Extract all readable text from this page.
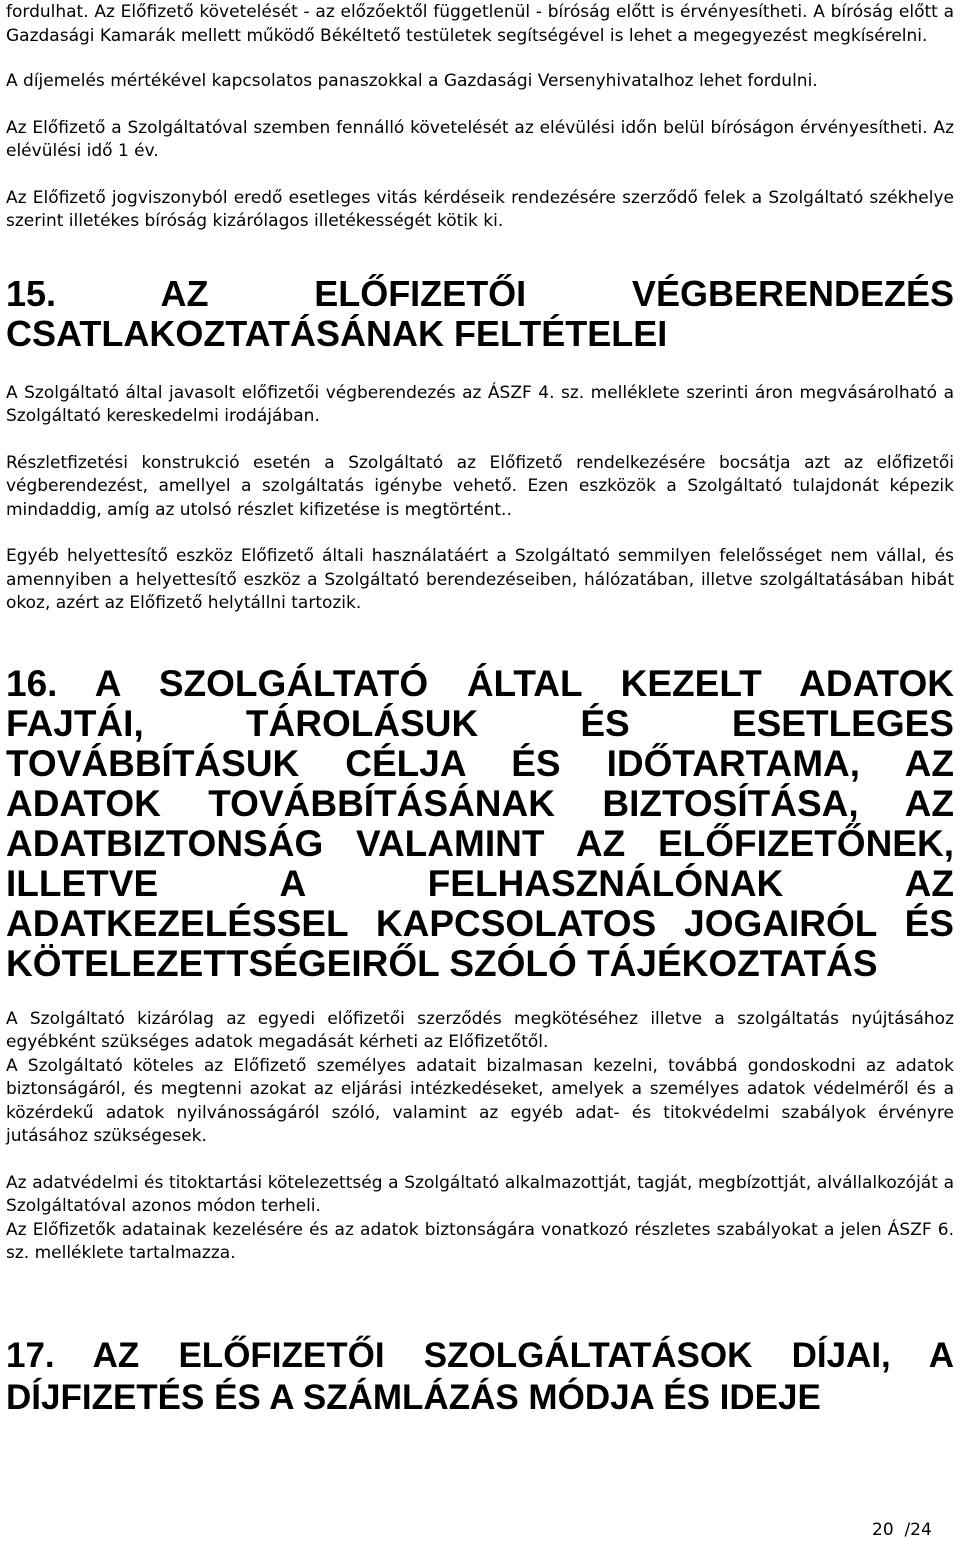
fordulhat. Az Előfizető követelését - az előzőektől függetlenül - bíróság előtt is érvényesítheti. A bíróság előtt a Gazdasági Kamarák mellett működő Békéltető testületek segítségével is lehet a megegyezést megkísérelni.

A díjemelés mértékével kapcsolatos panaszokkal a Gazdasági Versenyhivatalhoz lehet fordulni.

Az Előfizető a Szolgáltatóval szemben fennálló követelését az elévülési időn belül bíróságon érvényesítheti. Az elévülési idő 1 év.

Az Előfizető jogviszonyból eredő esetleges vitás kérdéseik rendezésére szerződő felek a Szolgáltató székhelye szerint illetékes bíróság kizárólagos illetékességét kötik ki.

15. AZ ELŐFIZETŐI VÉGBERENDEZÉS CSATLAKOZTATÁSÁNAK FELTÉTELEI

A Szolgáltató által javasolt előfizetői végberendezés az ÁSZF 4. sz. melléklete szerinti áron megvásárolható a Szolgáltató kereskedelmi irodájában.

Részletfizetési konstrukció esetén a Szolgáltató az Előfizető rendelkezésére bocsátja azt az előfizetői végberendezést, amellyel a szolgáltatás igénybe vehető. Ezen eszközök a Szolgáltató tulajdonát képezik mindaddig, amíg az utolsó részlet kifizetése is megtörtént..

Egyéb helyettesítő eszköz Előfizető általi használatáért a Szolgáltató semmilyen felelősséget nem vállal, és amennyiben a helyettesítő eszköz a Szolgáltató berendezéseiben, hálózatában, illetve szolgáltatásában hibát okoz, azért az Előfizető helytállni tartozik.

16. A SZOLGÁLTATÓ ÁLTAL KEZELT ADATOK FAJTÁI, TÁROLÁSUK ÉS ESETLEGES TOVÁBBÍTÁSUK CÉLJA ÉS IDŐTARTAMA, AZ ADATOK TOVÁBBÍTÁSÁNAK BIZTOSÍTÁSA, AZ ADATBIZTONSÁG VALAMINT AZ ELŐFIZETŐNEK, ILLETVE A FELHASZNÁLÓNAK AZ ADATKEZELÉSSEL KAPCSOLATOS JOGAIRÓL ÉS KÖTELEZETTSÉGEIRŐL SZÓLÓ TÁJÉKOZTATÁS

A Szolgáltató kizárólag az egyedi előfizetői szerződés megkötéséhez illetve a szolgáltatás nyújtásához egyébként szükséges adatok megadását kérheti az Előfizetőtől.

A Szolgáltató köteles az Előfizető személyes adatait bizalmasan kezelni, továbbá gondoskodni az adatok biztonságáról, és megtenni azokat az eljárási intézkedéseket, amelyek a személyes adatok védelméről és a közérdekű adatok nyilvánosságáról szóló, valamint az egyéb adat- és titokvédelmi szabályok érvényre jutásához szükségesek.

Az adatvédelmi és titoktartási kötelezettség a Szolgáltató alkalmazottját, tagját, megbízottját, alvállalkozóját a Szolgáltatóval azonos módon terheli.

Az Előfizetők adatainak kezelésére és az adatok biztonságára vonatkozó részletes szabályokat a jelen ÁSZF 6. sz. melléklete tartalmazza.

17. AZ ELŐFIZETŐI SZOLGÁLTATÁSOK DÍJAI, A DÍJFIZETÉS ÉS A SZÁMLÁZÁS MÓDJA ÉS IDEJE
20  /24
